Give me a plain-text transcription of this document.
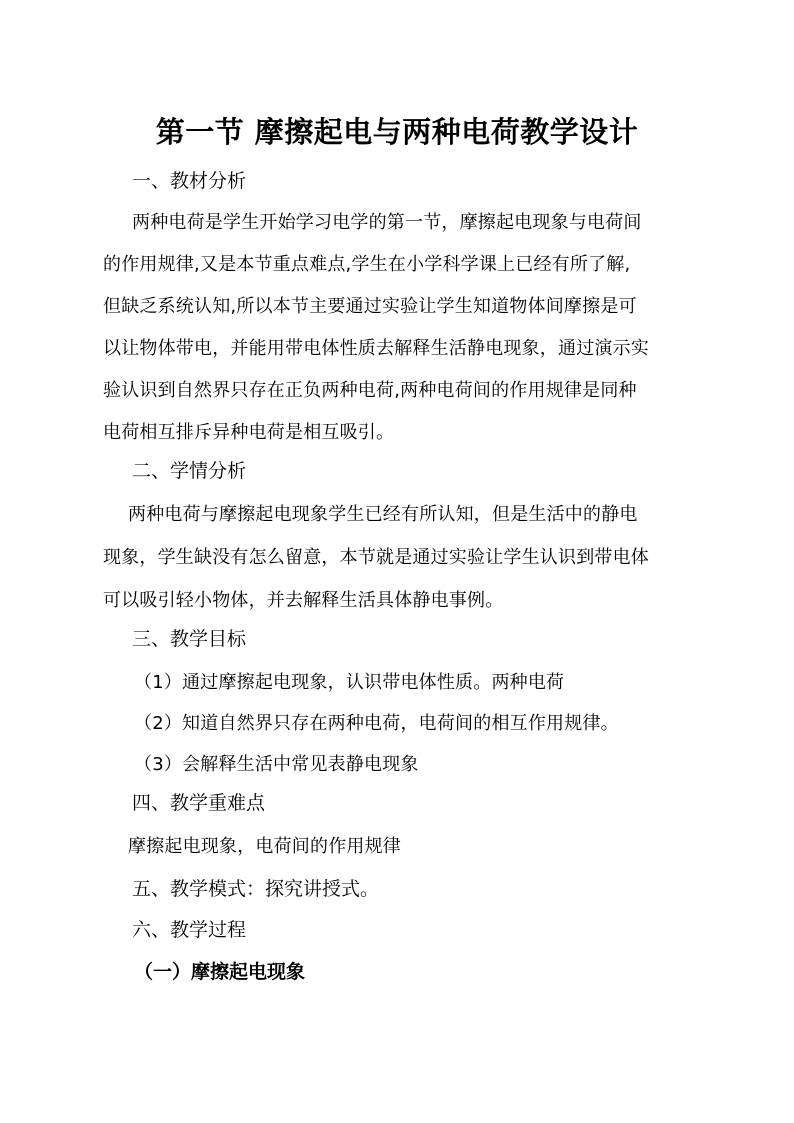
第一节 摩擦起电与两种电荷教学设计
一、教材分析
两种电荷是学生开始学习电学的第一节，摩擦起电现象与电荷间
的作用规律,又是本节重点难点,学生在小学科学课上已经有所了解,
但缺乏系统认知,所以本节主要通过实验让学生知道物体间摩擦是可
以让物体带电，并能用带电体性质去解释生活静电现象，通过演示实
验认识到自然界只存在正负两种电荷,两种电荷间的作用规律是同种
电荷相互排斥异种电荷是相互吸引。
二、学情分析
两种电荷与摩擦起电现象学生已经有所认知，但是生活中的静电
现象，学生缺没有怎么留意，本节就是通过实验让学生认识到带电体
可以吸引轻小物体，并去解释生活具体静电事例。
三、教学目标
（1）通过摩擦起电现象，认识带电体性质。两种电荷
（2）知道自然界只存在两种电荷，电荷间的相互作用规律。
（3）会解释生活中常见表静电现象
四、教学重难点
摩擦起电现象，电荷间的作用规律
五、教学模式：探究讲授式。
六、教学过程
（一）摩擦起电现象
